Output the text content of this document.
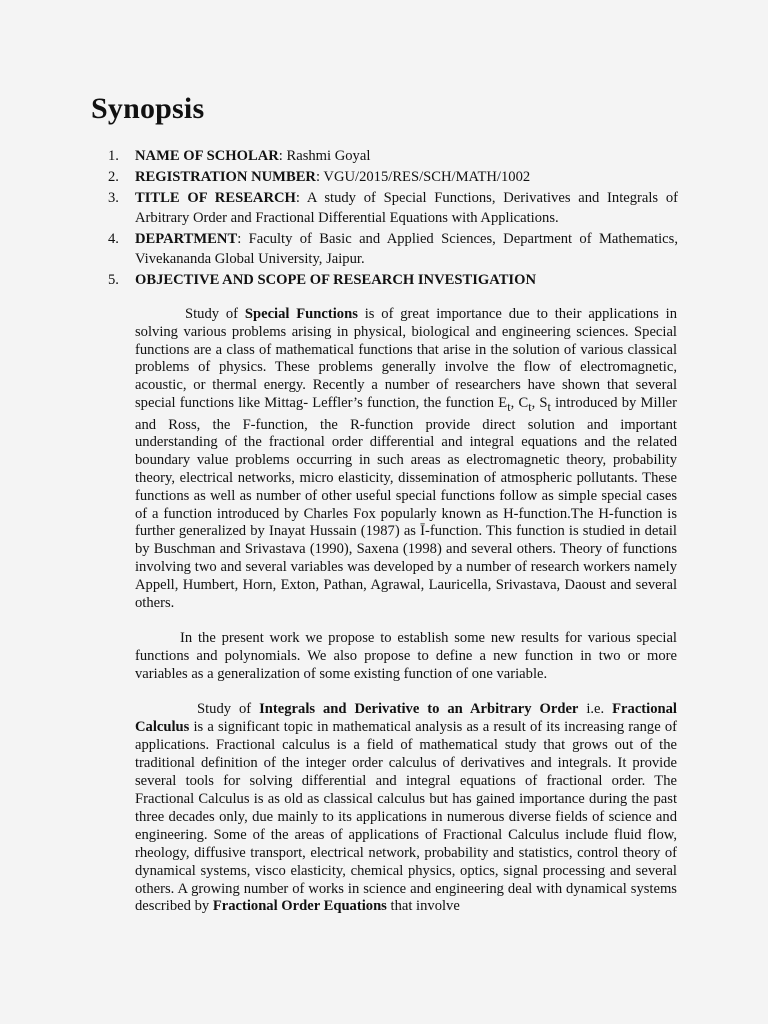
Synopsis
1. NAME OF SCHOLAR: Rashmi Goyal
2. REGISTRATION NUMBER: VGU/2015/RES/SCH/MATH/1002
3. TITLE OF RESEARCH: A study of Special Functions, Derivatives and Integrals of Arbitrary Order and Fractional Differential Equations with Applications.
4. DEPARTMENT: Faculty of Basic and Applied Sciences, Department of Mathematics, Vivekananda Global University, Jaipur.
5. OBJECTIVE AND SCOPE OF RESEARCH INVESTIGATION

Study of Special Functions is of great importance due to their applications in solving various problems arising in physical, biological and engineering sciences. Special functions are a class of mathematical functions that arise in the solution of various classical problems of physics. These problems generally involve the flow of electromagnetic, acoustic, or thermal energy. Recently a number of researchers have shown that several special functions like Mittag- Leffler’s function, the function $E_t$, $C_t$, $S_t$ introduced by Miller and Ross, the F-function, the R-function provide direct solution and important understanding of the fractional order differential and integral equations and the related boundary value problems occurring in such areas as electromagnetic theory, probability theory, electrical networks, micro elasticity, dissemination of atmospheric pollutants. These functions as well as number of other useful special functions follow as simple special cases of a function introduced by Charles Fox popularly known as H-function.The H-function is further generalized by Inayat Hussain (1987) as Ī-function. This function is studied in detail by Buschman and Srivastava (1990), Saxena (1998) and several others. Theory of functions involving two and several variables was developed by a number of research workers namely Appell, Humbert, Horn, Exton, Pathan, Agrawal, Lauricella, Srivastava, Daoust and several others.

In the present work we propose to establish some new results for various special functions and polynomials. We also propose to define a new function in two or more variables as a generalization of some existing function of one variable.

Study of Integrals and Derivative to an Arbitrary Order i.e. Fractional Calculus is a significant topic in mathematical analysis as a result of its increasing range of applications. Fractional calculus is a field of mathematical study that grows out of the traditional definition of the integer order calculus of derivatives and integrals. It provide several tools for solving differential and integral equations of fractional order. The Fractional Calculus is as old as classical calculus but has gained importance during the past three decades only, due mainly to its applications in numerous diverse fields of science and engineering. Some of the areas of applications of Fractional Calculus include fluid flow, rheology, diffusive transport, electrical network, probability and statistics, control theory of dynamical systems, visco elasticity, chemical physics, optics, signal processing and several others. A growing number of works in science and engineering deal with dynamical systems described by Fractional Order Equations that involve
